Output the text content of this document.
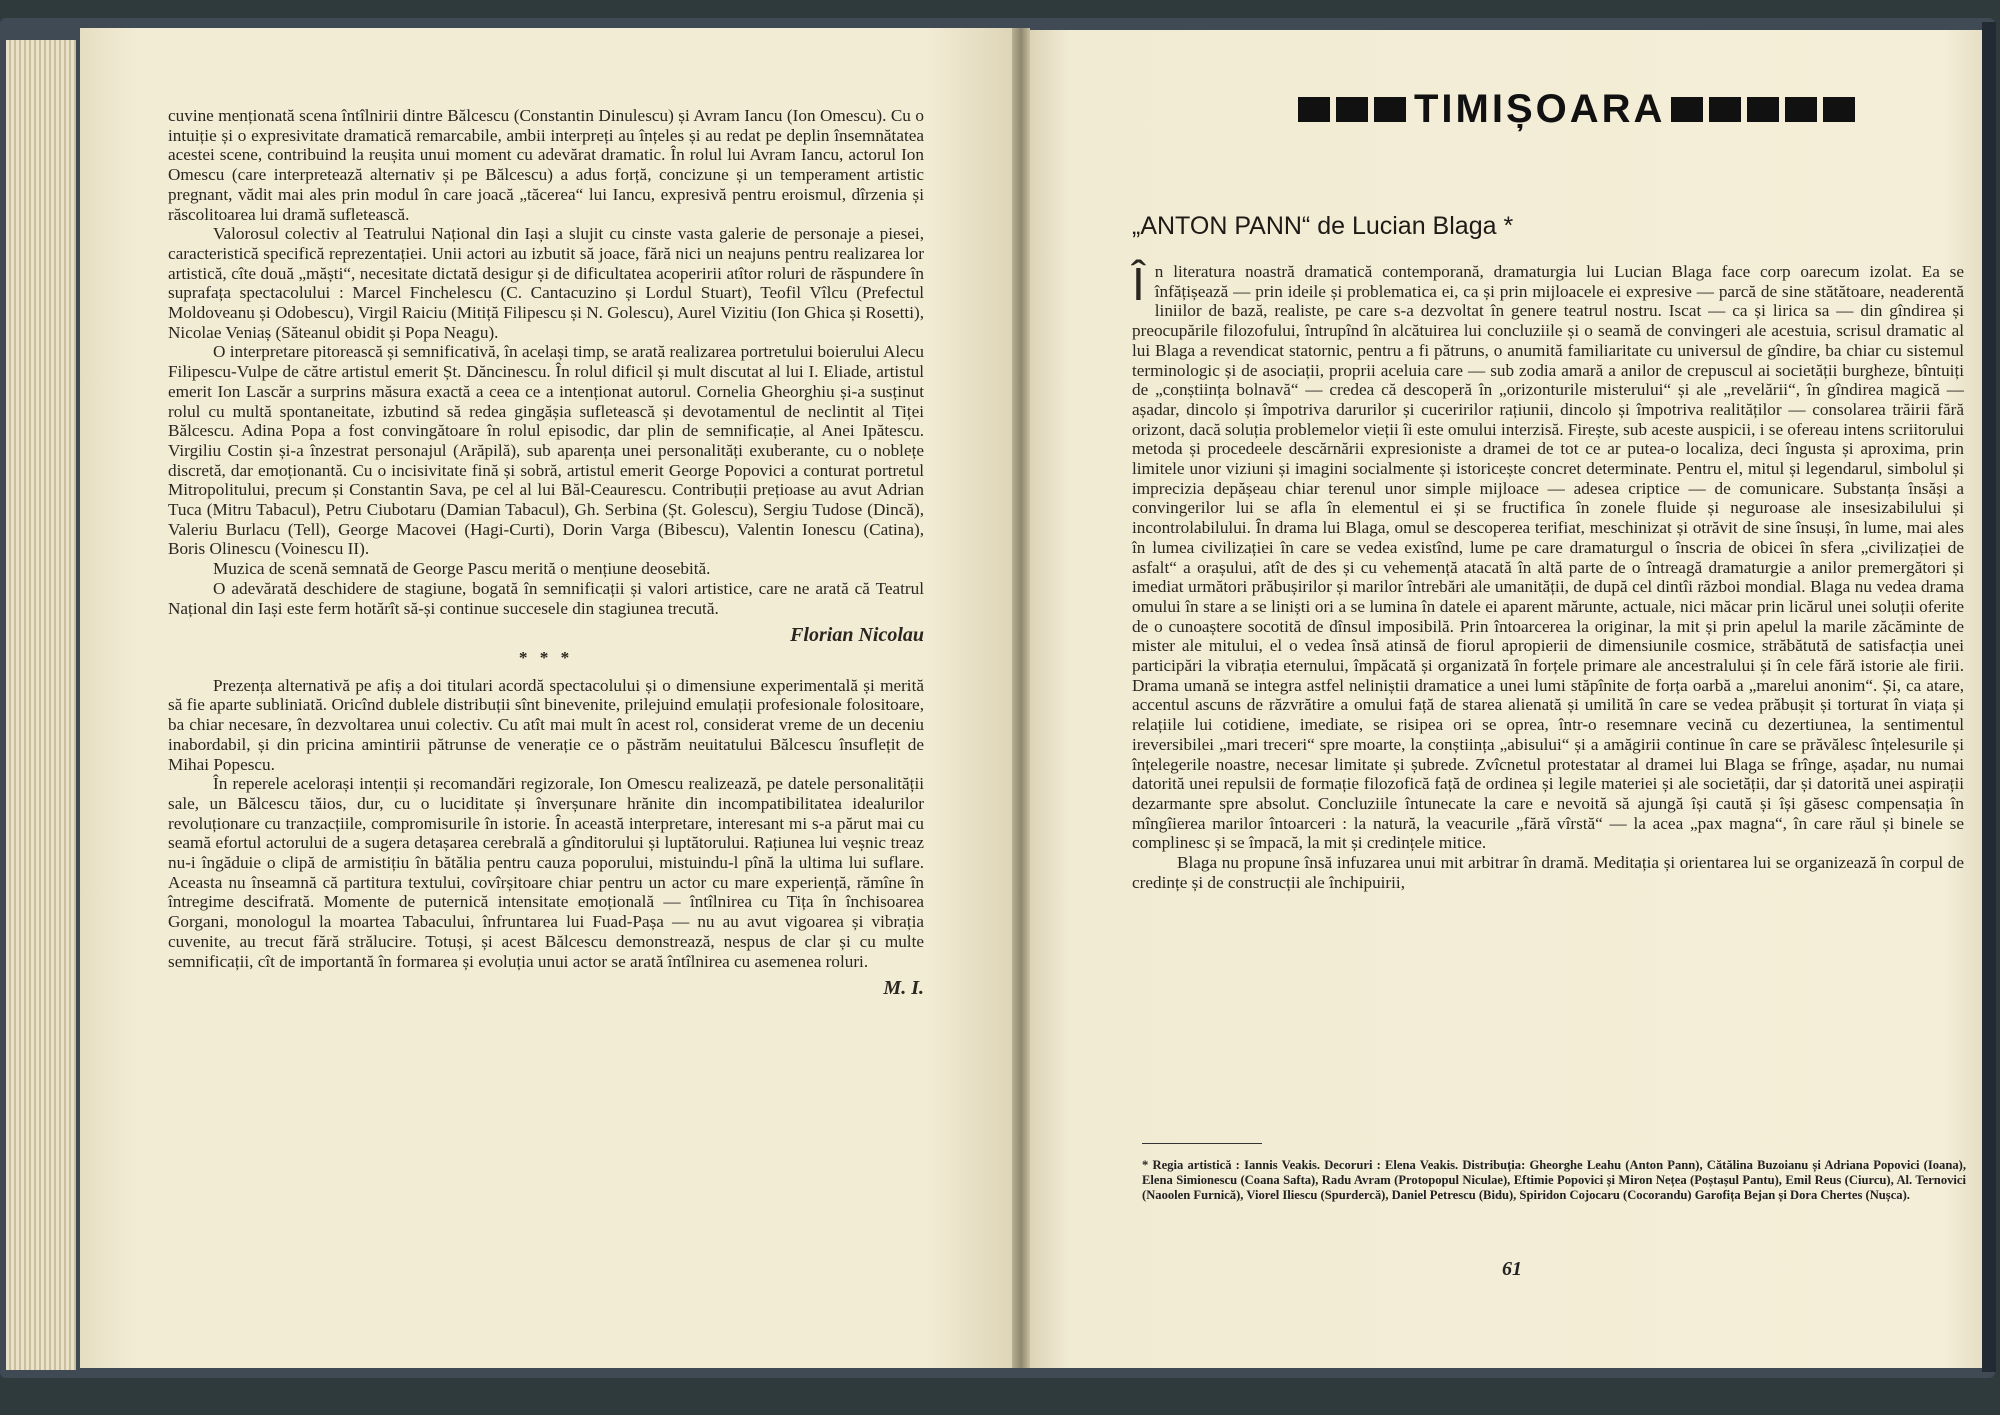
cuvine menționată scena întîlnirii dintre Bălcescu (Constantin Dinulescu) și Avram Iancu (Ion Omescu). Cu o intuiție și o expresivitate dramatică remarcabile, ambii interpreți au înțeles și au redat pe deplin însemnătatea acestei scene, contribuind la reușita unui moment cu adevărat dramatic. În rolul lui Avram Iancu, actorul Ion Omescu (care interpretează alternativ și pe Bălcescu) a adus forță, concizune și un temperament artistic pregnant, vădit mai ales prin modul în care joacă „tăcerea“ lui Iancu, expresivă pentru eroismul, dîrzenia și răscolitoarea lui dramă sufletească.

Valorosul colectiv al Teatrului Național din Iași a slujit cu cinste vasta galerie de personaje a piesei, caracteristică specifică reprezentației. Unii actori au izbutit să joace, fără nici un neajuns pentru realizarea lor artistică, cîte două „măști“, necesitate dictată desigur și de dificultatea acoperirii atîtor roluri de răspundere în suprafața spectacolului : Marcel Finchelescu (C. Cantacuzino și Lordul Stuart), Teofil Vîlcu (Prefectul Moldoveanu și Odobescu), Virgil Raiciu (Mitiță Filipescu și N. Golescu), Aurel Vizitiu (Ion Ghica și Rosetti), Nicolae Veniaș (Săteanul obidit și Popa Neagu).

O interpretare pitorească și semnificativă, în același timp, se arată realizarea portretului boierului Alecu Filipescu-Vulpe de către artistul emerit Șt. Dăncinescu. În rolul dificil și mult discutat al lui I. Eliade, artistul emerit Ion Lascăr a surprins măsura exactă a ceea ce a intenționat autorul. Cornelia Gheorghiu și-a susținut rolul cu multă spontaneitate, izbutind să redea gingășia sufletească și devotamentul de neclintit al Tiței Bălcescu. Adina Popa a fost convingătoare în rolul episodic, dar plin de semnificație, al Anei Ipătescu. Virgiliu Costin și-a înzestrat personajul (Arăpilă), sub aparența unei personalități exuberante, cu o noblețe discretă, dar emoționantă. Cu o incisivitate fină și sobră, artistul emerit George Popovici a conturat portretul Mitropolitului, precum și Constantin Sava, pe cel al lui Băl-Ceaurescu. Contribuții prețioase au avut Adrian Tuca (Mitru Tabacul), Petru Ciubotaru (Damian Tabacul), Gh. Serbina (Șt. Golescu), Sergiu Tudose (Dincă), Valeriu Burlacu (Tell), George Macovei (Hagi-Curti), Dorin Varga (Bibescu), Valentin Ionescu (Catina), Boris Olinescu (Voinescu II).

Muzica de scenă semnată de George Pascu merită o mențiune deosebită.

O adevărată deschidere de stagiune, bogată în semnificații și valori artistice, care ne arată că Teatrul Național din Iași este ferm hotărît să-și continue succesele din stagiunea trecută.

Florian Nicolau
* * *

Prezența alternativă pe afiș a doi titulari acordă spectacolului și o dimensiune experimentală și merită să fie aparte subliniată. Oricînd dublele distribuții sînt binevenite, prilejuind emulații profesionale folositoare, ba chiar necesare, în dezvoltarea unui colectiv. Cu atît mai mult în acest rol, considerat vreme de un deceniu inabordabil, și din pricina amintirii pătrunse de venerație ce o păstrăm neuitatului Bălcescu însuflețit de Mihai Popescu.

În reperele acelorași intenții și recomandări regizorale, Ion Omescu realizează, pe datele personalității sale, un Bălcescu tăios, dur, cu o luciditate și înverșunare hrănite din incompatibilitatea idealurilor revoluționare cu tranzacțiile, compromisurile în istorie. În această interpretare, interesant mi s-a părut mai cu seamă efortul actorului de a sugera detașarea cerebrală a gînditorului și luptătorului. Rațiunea lui veșnic treaz nu-i îngăduie o clipă de armistițiu în bătălia pentru cauza poporului, mistuindu-l pînă la ultima lui suflare. Aceasta nu înseamnă că partitura textului, covîrșitoare chiar pentru un actor cu mare experiență, rămîne în întregime descifrată. Momente de puternică intensitate emoțională — întîlnirea cu Tița în închisoarea Gorgani, monologul la moartea Tabacului, înfruntarea lui Fuad-Pașa — nu au avut vigoarea și vibrația cuvenite, au trecut fără strălucire. Totuși, și acest Bălcescu demonstrează, nespus de clar și cu multe semnificații, cît de importantă în formarea și evoluția unui actor se arată întîlnirea cu asemenea roluri.

M. I.
TIMIȘOARA
„ANTON PANN“ de Lucian Blaga *

În literatura noastră dramatică contemporană, dramaturgia lui Lucian Blaga face corp oarecum izolat. Ea se înfățișează — prin ideile și problematica ei, ca și prin mijloacele ei expresive — parcă de sine stătătoare, neaderentă liniilor de bază, realiste, pe care s-a dezvoltat în genere teatrul nostru. Iscat — ca și lirica sa — din gîndirea și preocupările filozofului, întrupînd în alcătuirea lui concluziile și o seamă de convingeri ale acestuia, scrisul dramatic al lui Blaga a revendicat statornic, pentru a fi pătruns, o anumită familiaritate cu universul de gîndire, ba chiar cu sistemul terminologic și de asociații, proprii aceluia care — sub zodia amară a anilor de crepuscul ai societății burgheze, bîntuiți de „conștiința bolnavă“ — credea că descoperă în „orizonturile misterului“ și ale „revelării“, în gîndirea magică — așadar, dincolo și împotriva darurilor și cuceririlor rațiunii, dincolo și împotriva realităților — consolarea trăirii fără orizont, dacă soluția problemelor vieții îi este omului interzisă. Firește, sub aceste auspicii, i se ofereau intens scriitorului metoda și procedeele descărnării expresioniste a dramei de tot ce ar putea-o localiza, deci îngusta și aproxima, prin limitele unor viziuni și imagini socialmente și istoricește concret determinate. Pentru el, mitul și legendarul, simbolul și imprecizia depășeau chiar terenul unor simple mijloace — adesea criptice — de comunicare. Substanța însăși a convingerilor lui se afla în elementul ei și se fructifica în zonele fluide și neguroase ale insesizabilului și incontrolabilului. În drama lui Blaga, omul se descoperea terifiat, meschinizat și otrăvit de sine însuși, în lume, mai ales în lumea civilizației în care se vedea existînd, lume pe care dramaturgul o înscria de obicei în sfera „civilizației de asfalt“ a orașului, atît de des și cu vehemență atacată în altă parte de o întreagă dramaturgie a anilor premergători și imediat următori prăbușirilor și marilor întrebări ale umanității, de după cel dintîi război mondial. Blaga nu vedea drama omului în stare a se liniști ori a se lumina în datele ei aparent mărunte, actuale, nici măcar prin licărul unei soluții oferite de o cunoaștere socotită de dînsul imposibilă. Prin întoarcerea la originar, la mit și prin apelul la marile zăcăminte de mister ale mitului, el o vedea însă atinsă de fiorul apropierii de dimensiunile cosmice, străbătută de satisfacția unei participări la vibrația eternului, împăcată și organizată în forțele primare ale ancestralului și în cele fără istorie ale firii. Drama umană se integra astfel neliniștii dramatice a unei lumi stăpînite de forța oarbă a „marelui anonim“. Și, ca atare, accentul ascuns de răzvrătire a omului față de starea alienată și umilită în care se vedea prăbușit și torturat în viața și relațiile lui cotidiene, imediate, se risipea ori se oprea, într-o resemnare vecină cu dezertiunea, la sentimentul ireversibilei „mari treceri“ spre moarte, la conștiința „abisului“ și a amăgirii continue în care se prăvălesc înțelesurile și înțelegerile noastre, necesar limitate și șubrede. Zvîcnetul protestatar al dramei lui Blaga se frînge, așadar, nu numai datorită unei repulsii de formație filozofică față de ordinea și legile materiei și ale societății, dar și datorită unei aspirații dezarmante spre absolut. Concluziile întunecate la care e nevoită să ajungă își caută și își găsesc compensația în mîngîierea marilor întoarceri : la natură, la veacurile „fără vîrstă“ — la acea „pax magna“, în care răul și binele se complinesc și se împacă, la mit și credințele mitice.

Blaga nu propune însă infuzarea unui mit arbitrar în dramă. Meditația și orientarea lui se organizează în corpul de credințe și de construcții ale închipuirii,

* Regia artistică : Iannis Veakis. Decoruri : Elena Veakis. Distribuția: Gheorghe Leahu (Anton Pann), Cătălina Buzoianu și Adriana Popovici (Ioana), Elena Simionescu (Coana Safta), Radu Avram (Protopopul Niculae), Eftimie Popovici și Miron Nețea (Poștașul Pantu), Emil Reus (Ciurcu), Al. Ternovici (Naoolen Furnică), Viorel Iliescu (Spurdercă), Daniel Petrescu (Bidu), Spiridon Cojocaru (Cocorandu) Garofița Bejan și Dora Chertes (Nușca).
61
